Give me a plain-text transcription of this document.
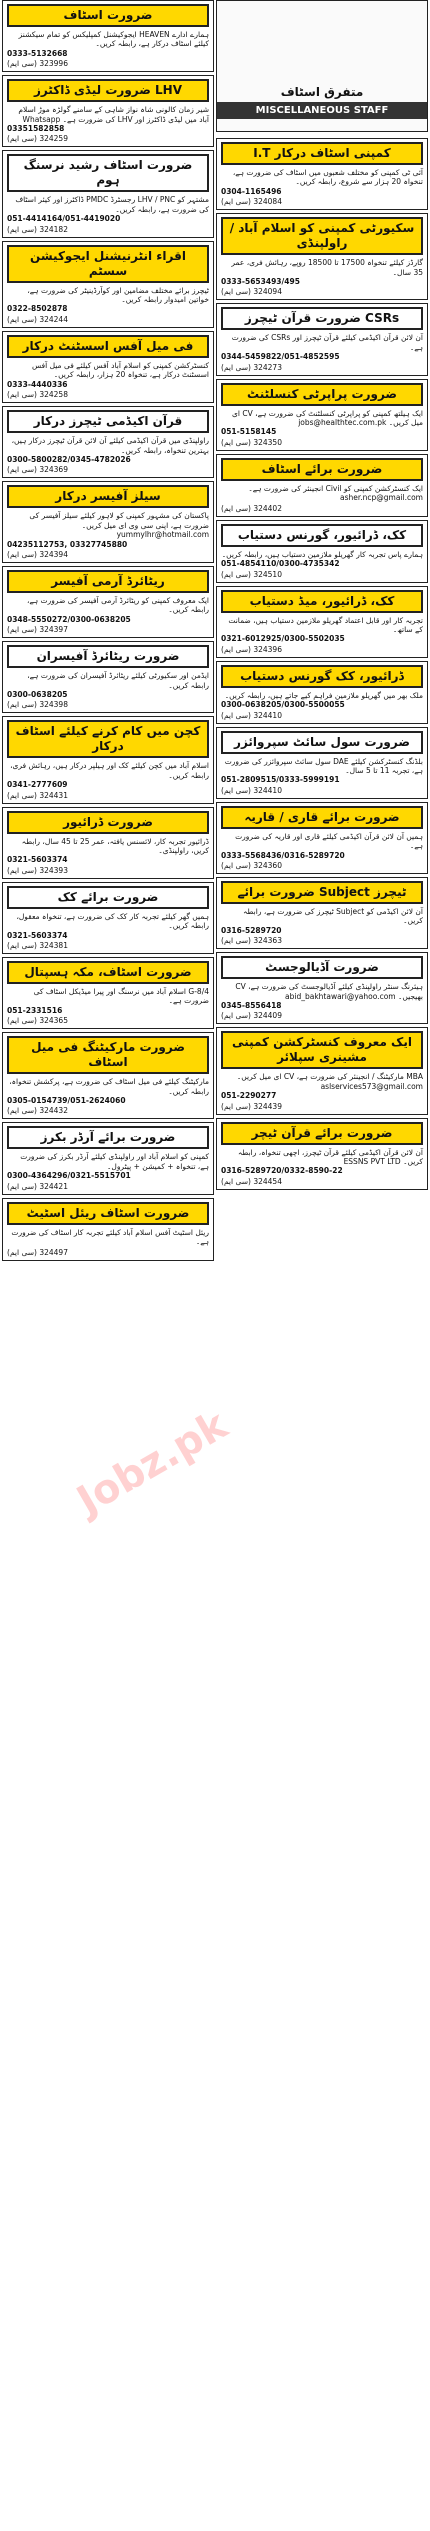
ضرورت اسٹاف
ہمارے ادارے HEAVEN ایجوکیشنل کمپلیکس کو تمام سیکشنز کیلئے اسٹاف درکار ہے، رابطہ کریں۔
0333-5132668
(سی ایم) 323996
ضرورت لیڈی ڈاکٹرز LHV
شیر زمان کالونی شاہ نواز شاہی کے سامنے گولڑہ موڑ اسلام آباد میں لیڈی ڈاکٹرز اور LHV کی ضرورت ہے۔ Whatsapp
03351582858
(سی ایم) 324259
ضرورت اسٹاف رشید نرسنگ ہوم
مشتہر کو LHV / PNC رجسٹرڈ PMDC ڈاکٹرز اور کیئر اسٹاف کی ضرورت ہے، رابطہ کریں۔
051-4414164/051-4419020
(سی ایم) 324182
اقراء انٹرنیشنل ایجوکیشن سسٹم
ٹیچرز برائے مختلف مضامین اور کوآرڈینیٹر کی ضرورت ہے، خواتین امیدوار رابطہ کریں۔
0322-8502878
(سی ایم) 324244
فی میل آفس اسسٹنٹ درکار
کنسٹرکشن کمپنی کو اسلام آباد آفس کیلئے فی میل آفس اسسٹنٹ درکار ہے، تنخواہ 20 ہزار، رابطہ کریں۔
0333-4440336
(سی ایم) 324258
قرآن اکیڈمی ٹیچرز درکار
راولپنڈی میں قرآن اکیڈمی کیلئے آن لائن قرآن ٹیچرز درکار ہیں، بہترین تنخواہ، رابطہ کریں۔
0300-5800282/0345-4782026
(سی ایم) 324369
سیلز آفیسر درکار
پاکستان کی مشہور کمپنی کو لاہور کیلئے سیلز آفیسر کی ضرورت ہے، اپنی سی وی ای میل کریں۔ yummylhr@hotmail.com
04235112753, 03327745880
(سی ایم) 324394
ریٹائرڈ آرمی آفیسر
ایک معروف کمپنی کو ریٹائرڈ آرمی آفیسر کی ضرورت ہے، رابطہ کریں۔
0348-5550272/0300-0638205
(سی ایم) 324397
ضرورت ریٹائرڈ آفیسران
ایڈمن اور سکیورٹی کیلئے ریٹائرڈ آفیسران کی ضرورت ہے، رابطہ کریں۔
0300-0638205
(سی ایم) 324398
کچن میں کام کرنے کیلئے اسٹاف درکار
اسلام آباد میں کچن کیلئے کک اور ہیلپر درکار ہیں، رہائش فری، رابطہ کریں۔
0341-2777609
(سی ایم) 324431
ضرورت ڈرائیور
ڈرائیور تجربہ کار، لائسنس یافتہ، عمر 25 تا 45 سال، رابطہ کریں، راولپنڈی۔
0321-5603374
(سی ایم) 324393
ضرورت برائے کک
ہمیں گھر کیلئے تجربہ کار کک کی ضرورت ہے، تنخواہ معقول، رابطہ کریں۔
0321-5603374
(سی ایم) 324381
ضرورت اسٹاف، مکہ ہسپتال
G-8/4 اسلام آباد میں نرسنگ اور پیرا میڈیکل اسٹاف کی ضرورت ہے۔
051-2331516
(سی ایم) 324365
ضرورت مارکیٹنگ فی میل اسٹاف
مارکیٹنگ کیلئے فی میل اسٹاف کی ضرورت ہے، پرکشش تنخواہ، رابطہ کریں۔
0305-0154739/051-2624060
(سی ایم) 324432
ضرورت برائے آرڈر بکرز
کمپنی کو اسلام آباد اور راولپنڈی کیلئے آرڈر بکرز کی ضرورت ہے، تنخواہ + کمیشن + پیٹرول۔
0300-4364296/0321-5515701
(سی ایم) 324421
ضرورت اسٹاف ریئل اسٹیٹ
ریئل اسٹیٹ آفس اسلام آباد کیلئے تجربہ کار اسٹاف کی ضرورت ہے۔
(سی ایم) 324497
متفرق اسٹاف
MISCELLANEOUS STAFF
I.T کمپنی اسٹاف درکار
آئی ٹی کمپنی کو مختلف شعبوں میں اسٹاف کی ضرورت ہے، تنخواہ 20 ہزار سے شروع، رابطہ کریں۔
0304-1165496
(سی ایم) 324084
سکیورٹی کمپنی کو اسلام آباد / راولپنڈی
گارڈز کیلئے تنخواہ 17500 تا 18500 روپے، رہائش فری، عمر 35 سال۔
0333-5653493/495
(سی ایم) 324094
ضرورت قرآن ٹیچرز CSRs
آن لائن قرآن اکیڈمی کیلئے قرآن ٹیچرز اور CSRs کی ضرورت ہے۔
0344-5459822/051-4852595
(سی ایم) 324273
ضرورت پراپرٹی کنسلٹنٹ
ایک ہیلتھ کمپنی کو پراپرٹی کنسلٹنٹ کی ضرورت ہے، CV ای میل کریں۔ jobs@healthtec.com.pk
051-5158145
(سی ایم) 324350
ضرورت برائے اسٹاف
ایک کنسٹرکشن کمپنی کو Civil انجینئر کی ضرورت ہے۔ asher.ncp@gmail.com
(سی ایم) 324402
کک، ڈرائیور، گورنس دستیاب
ہمارے پاس تجربہ کار گھریلو ملازمین دستیاب ہیں، رابطہ کریں۔
051-4854110/0300-4735342
(سی ایم) 324510
کک، ڈرائیور، میڈ دستیاب
تجربہ کار اور قابل اعتماد گھریلو ملازمین دستیاب ہیں، ضمانت کے ساتھ۔
0321-6012925/0300-5502035
(سی ایم) 324396
ڈرائیور، کک گورنس دستیاب
ملک بھر میں گھریلو ملازمین فراہم کیے جاتے ہیں، رابطہ کریں۔
0300-0638205/0300-5500055
(سی ایم) 324410
ضرورت سول سائٹ سپروائزر
بلڈنگ کنسٹرکشن کیلئے DAE سول سائٹ سپروائزر کی ضرورت ہے، تجربہ 11 تا 5 سال۔
051-2809515/0333-5999191
(سی ایم) 324410
ضرورت برائے قاری / قاریہ
ہمیں آن لائن قرآن اکیڈمی کیلئے قاری اور قاریہ کی ضرورت ہے۔
0333-5568436/0316-5289720
(سی ایم) 324360
ضرورت برائے Subject ٹیچرز
آن لائن اکیڈمی کو Subject ٹیچرز کی ضرورت ہے، رابطہ کریں۔
0316-5289720
(سی ایم) 324363
ضرورت آڈیالوجسٹ
ہیئرنگ سنٹر راولپنڈی کیلئے آڈیالوجسٹ کی ضرورت ہے، CV بھیجیں۔ abid_bakhtawari@yahoo.com
0345-8556418
(سی ایم) 324409
ایک معروف کنسٹرکشن کمپنی مشینری سپلائر
MBA مارکیٹنگ / انجینئر کی ضرورت ہے، CV ای میل کریں۔ aslservices573@gmail.com
051-2290277
(سی ایم) 324439
ضرورت برائے قرآن ٹیچر
آن لائن قرآن اکیڈمی کیلئے قرآن ٹیچرز، اچھی تنخواہ، رابطہ کریں۔ ESSNS PVT LTD
0316-5289720/0332-8590-22
(سی ایم) 324454
Jobz.pk
